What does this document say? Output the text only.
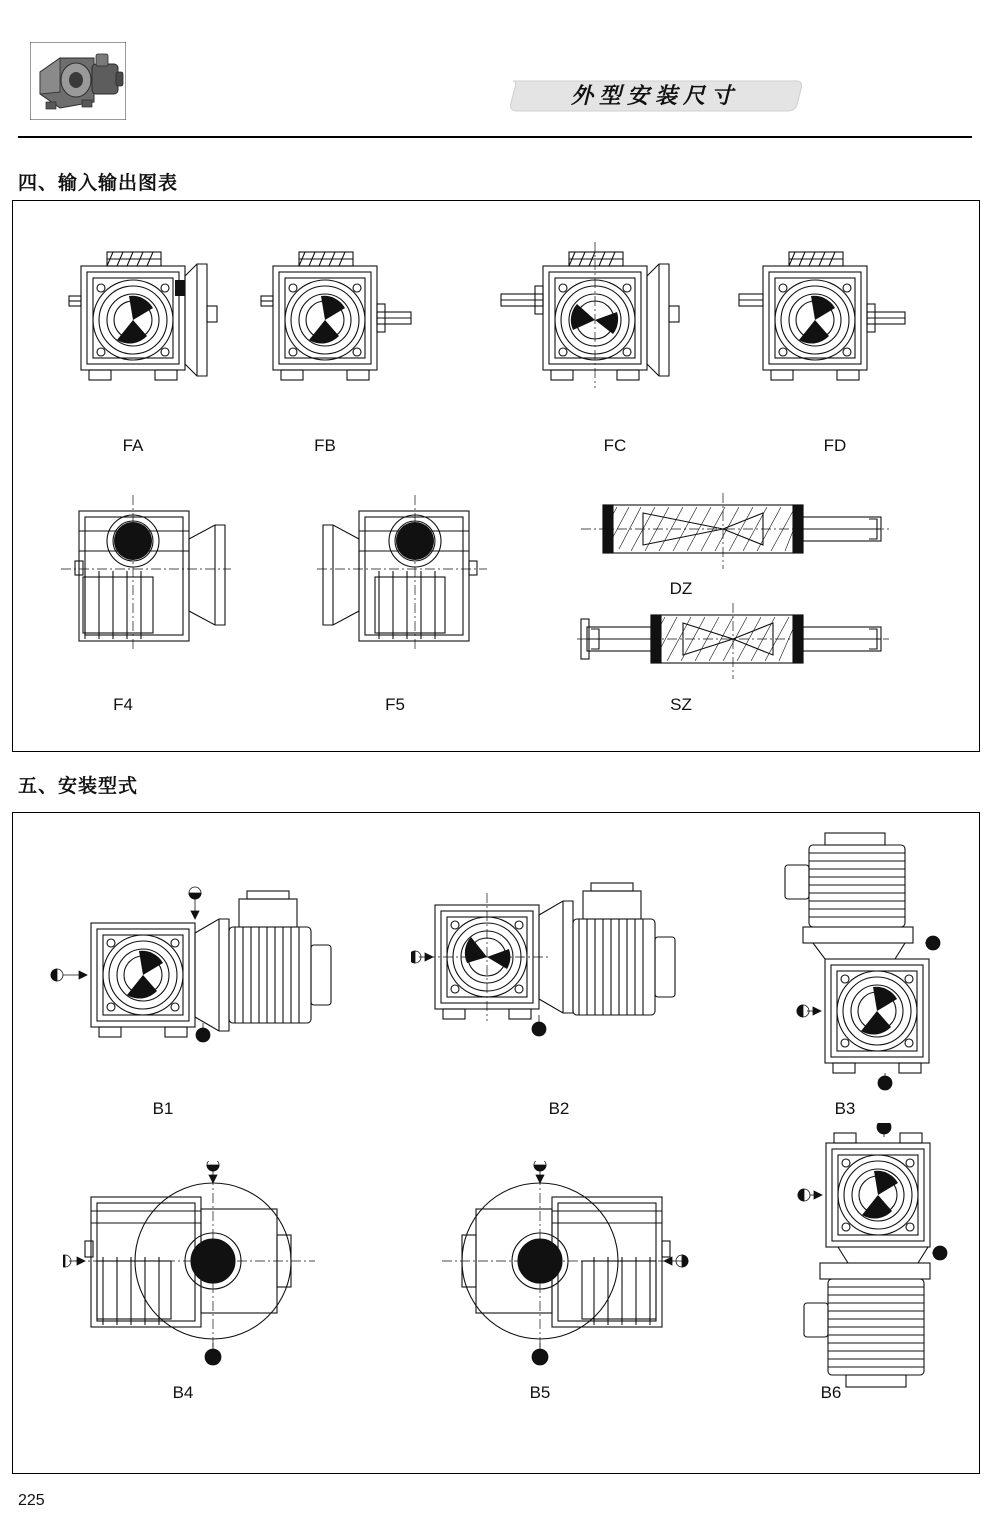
外型安装尺寸
四、输入输出图表
FA	FB	FC	FD
F4	F5
DZ
SZ
五、安装型式
B1	B2	B3
B4	B5	B6
225
